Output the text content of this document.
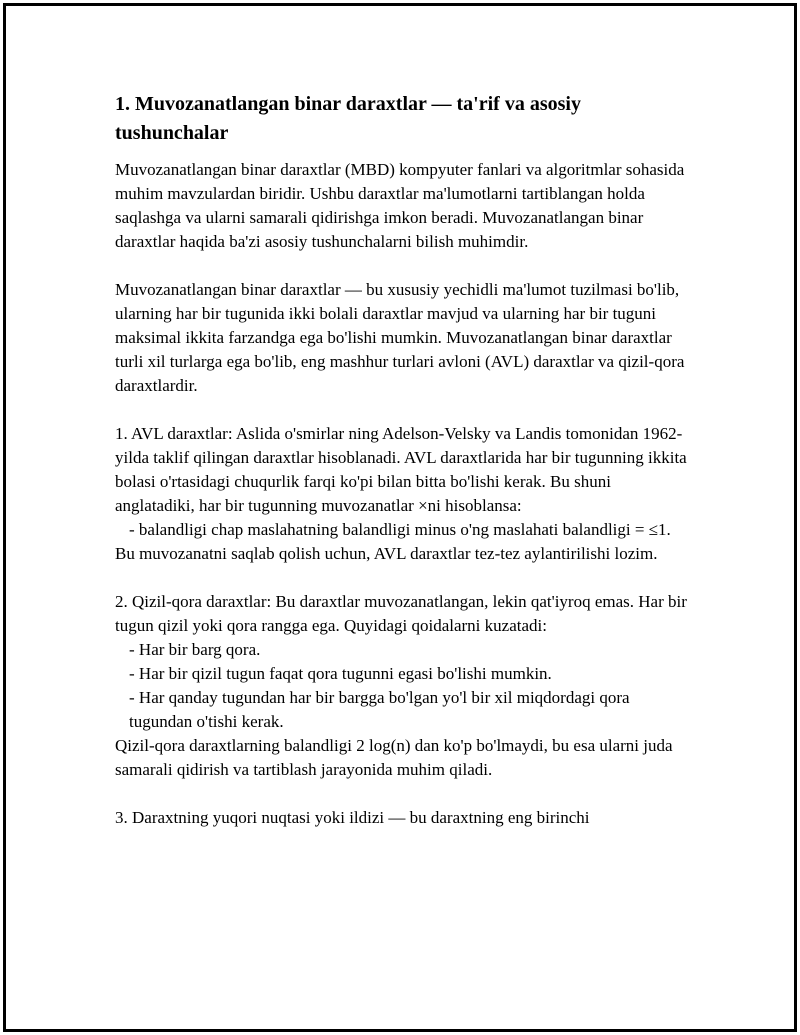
1. Muvozanatlangan binar daraxtlar — ta'rif va asosiy tushunchalar

Muvozanatlangan binar daraxtlar (MBD) kompyuter fanlari va algoritmlar sohasida muhim mavzulardan biridir. Ushbu daraxtlar ma'lumotlarni tartiblangan holda saqlashga va ularni samarali qidirishga imkon beradi. Muvozanatlangan binar daraxtlar haqida ba'zi asosiy tushunchalarni bilish muhimdir.

Muvozanatlangan binar daraxtlar — bu xususiy yechidli ma'lumot tuzilmasi bo'lib, ularning har bir tugunida ikki bolali daraxtlar mavjud va ularning har bir tuguni maksimal ikkita farzandga ega bo'lishi mumkin. Muvozanatlangan binar daraxtlar turli xil turlarga ega bo'lib, eng mashhur turlari avloni (AVL) daraxtlar va qizil-qora daraxtlardir.

1. AVL daraxtlar: Aslida o'smirlar ning Adelson-Velsky va Landis tomonidan 1962-yilda taklif qilingan daraxtlar hisoblanadi. AVL daraxtlarida har bir tugunning ikkita bolasi o'rtasidagi chuqurlik farqi ko'pi bilan bitta bo'lishi kerak. Bu shuni anglatadiki, har bir tugunning muvozanatlar ×ni hisoblansa:
- balandligi chap maslahatning balandligi minus o'ng maslahati balandligi = ≤1.
Bu muvozanatni saqlab qolish uchun, AVL daraxtlar tez-tez aylantirilishi lozim.

2. Qizil-qora daraxtlar: Bu daraxtlar muvozanatlangan, lekin qat'iyroq emas. Har bir tugun qizil yoki qora rangga ega. Quyidagi qoidalarni kuzatadi:
- Har bir barg qora.
- Har bir qizil tugun faqat qora tugunni egasi bo'lishi mumkin.
- Har qanday tugundan har bir bargga bo'lgan yo'l bir xil miqdordagi qora tugundan o'tishi kerak.
Qizil-qora daraxtlarning balandligi 2 log(n) dan ko'p bo'lmaydi, bu esa ularni juda samarali qidirish va tartiblash jarayonida muhim qiladi.

3. Daraxtning yuqori nuqtasi yoki ildizi — bu daraxtning eng birinchi
